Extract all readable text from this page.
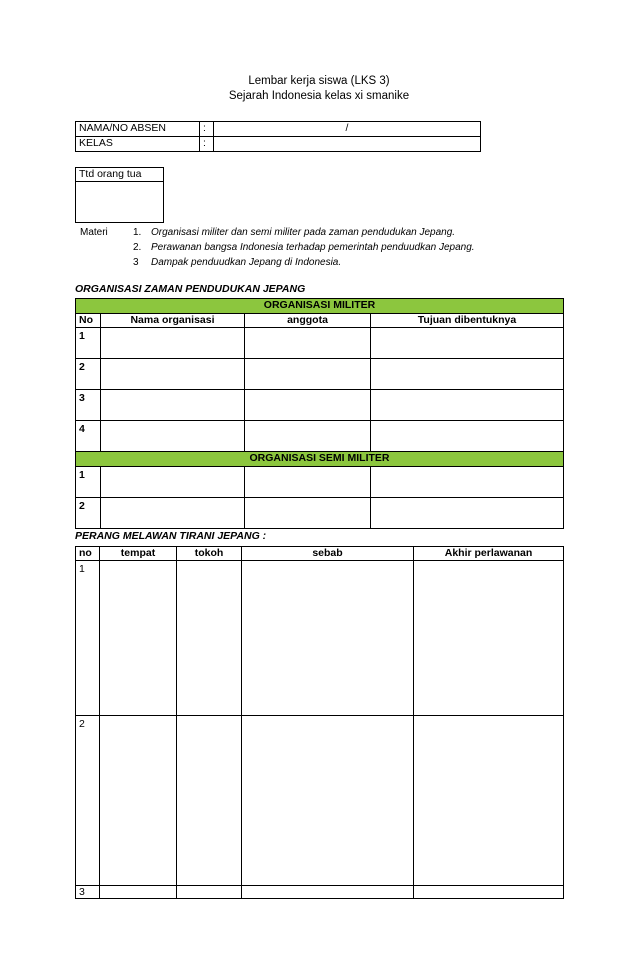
Lembar kerja siswa (LKS 3)
Sejarah Indonesia kelas xi smanike
NAMA/NO ABSEN	:	/
KELAS	:	
Ttd orang tua

Materi	1. Organisasi militer dan semi militer pada zaman pendudukan Jepang.
2. Perawanan bangsa Indonesia terhadap pemerintah penduudkan Jepang.
3 Dampak penduudkan Jepang di Indonesia.
ORGANISASI ZAMAN PENDUDUKAN JEPANG
ORGANISASI MILITER			
No	Nama organisasi	anggota	Tujuan dibentuknya
1			
2			
3			
4			
ORGANISASI SEMI MILITER			
1			
2			
PERANG MELAWAN TIRANI JEPANG :
no	tempat	tokoh	sebab	Akhir perlawanan
1				
2				
3				
